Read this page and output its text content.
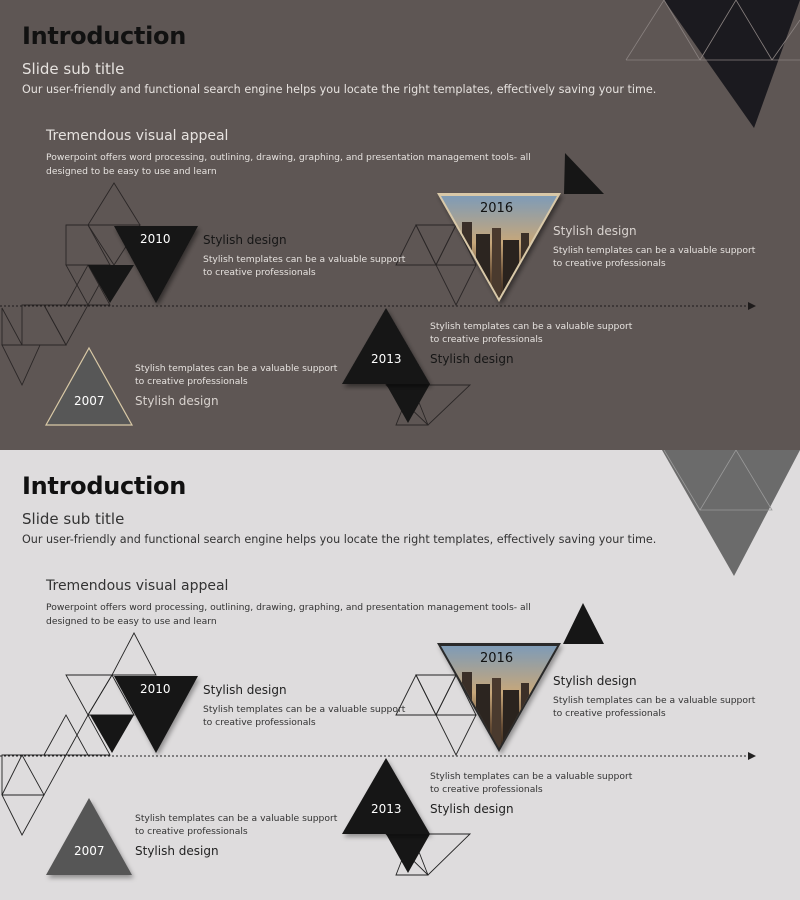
Introduction
Slide sub title
Our user-friendly and functional search engine helps you locate the right templates, effectively saving your time.
Tremendous visual appeal
Powerpoint offers word processing, outlining, drawing, graphing, and presentation management tools- all designed to be easy to use and learn
2010	Stylish design
Stylish templates can be a valuable support
to creative professionals
2016
Stylish design
Stylish templates can be a valuable support
to creative professionals
2013
Stylish templates can be a valuable support
to creative professionals
Stylish design
2007
Stylish templates can be a valuable support
to creative professionals
Stylish design
Introduction
Slide sub title
Our user-friendly and functional search engine helps you locate the right templates, effectively saving your time.
Tremendous visual appeal
Powerpoint offers word processing, outlining, drawing, graphing, and presentation management tools- all designed to be easy to use and learn
2010	Stylish design
Stylish templates can be a valuable support
to creative professionals
2016
Stylish design
Stylish templates can be a valuable support
to creative professionals
2013
Stylish templates can be a valuable support
to creative professionals
Stylish design
2007
Stylish templates can be a valuable support
to creative professionals
Stylish design
